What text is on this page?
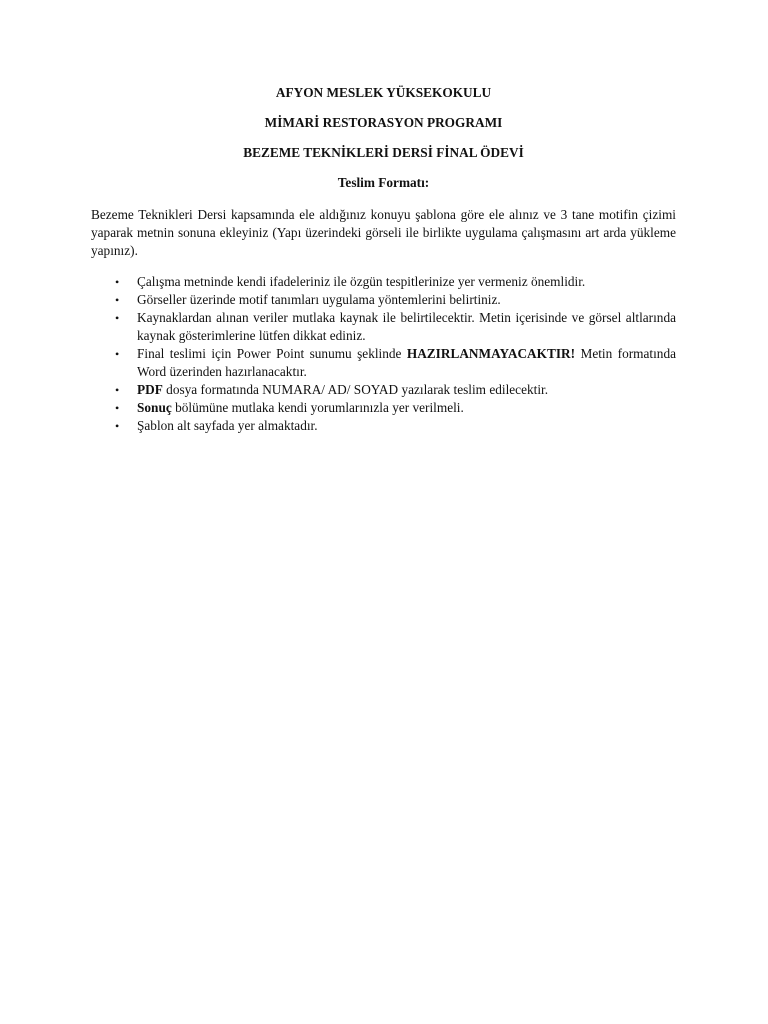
AFYON MESLEK YÜKSEKOKULU

MİMARİ RESTORASYON PROGRAMI

BEZEME TEKNİKLERİ DERSİ FİNAL ÖDEVİ

Teslim Formatı:

Bezeme Teknikleri Dersi kapsamında ele aldığınız konuyu şablona göre ele alınız ve 3 tane motifin çizimi yaparak metnin sonuna ekleyiniz (Yapı üzerindeki görseli ile birlikte uygulama çalışmasını art arda yükleme yapınız).

• Çalışma metninde kendi ifadeleriniz ile özgün tespitlerinize yer vermeniz önemlidir.
• Görseller üzerinde motif tanımları uygulama yöntemlerini belirtiniz.
• Kaynaklardan alınan veriler mutlaka kaynak ile belirtilecektir. Metin içerisinde ve görsel altlarında kaynak gösterimlerine lütfen dikkat ediniz.
• Final teslimi için Power Point sunumu şeklinde HAZIRLANMAYACAKTIR! Metin formatında Word üzerinden hazırlanacaktır.
• PDF dosya formatında NUMARA/ AD/ SOYAD yazılarak teslim edilecektir.
• Sonuç bölümüne mutlaka kendi yorumlarınızla yer verilmeli.
• Şablon alt sayfada yer almaktadır.
